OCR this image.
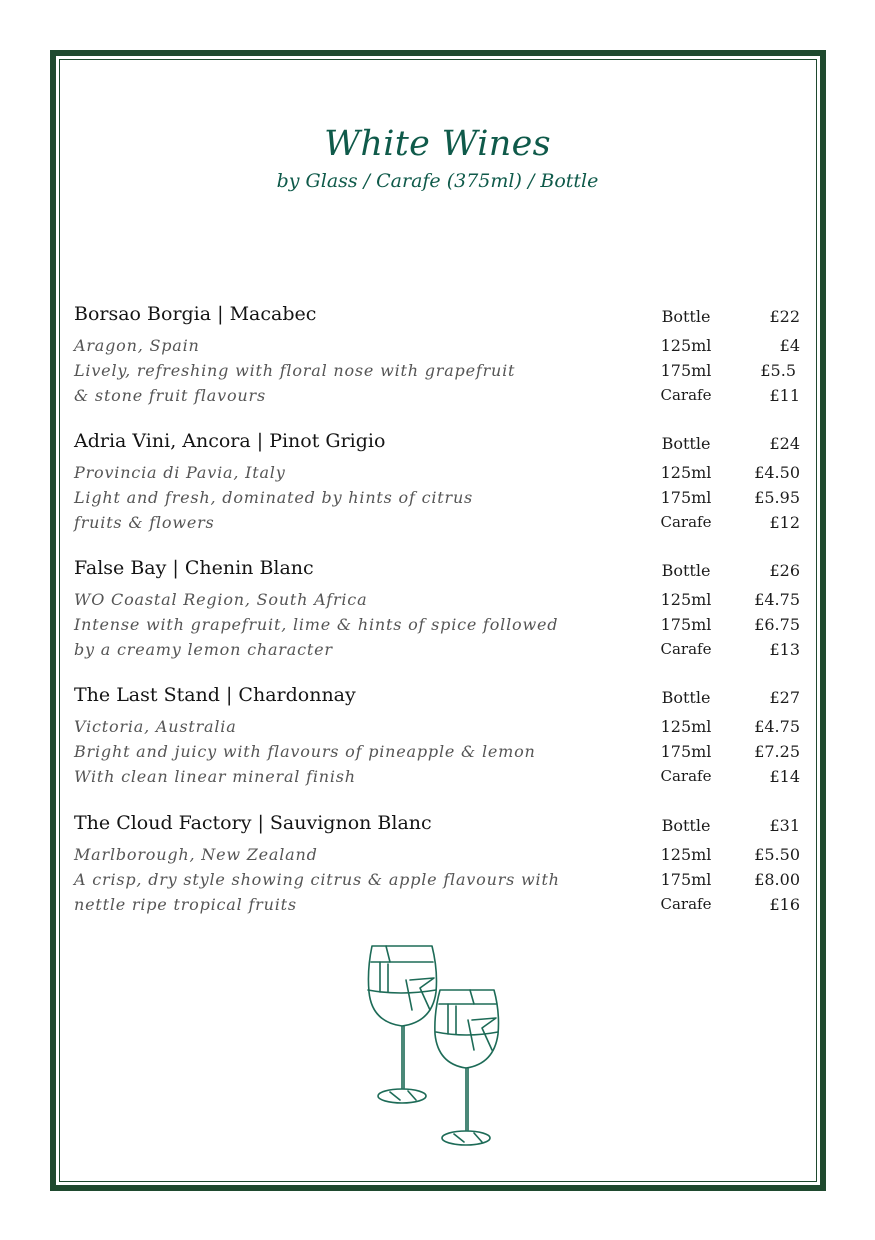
White Wines
by Glass / Carafe (375ml) / Bottle
Borsao Borgia | Macabec
Aragon, Spain
Lively, refreshing with floral nose with grapefruit
& stone fruit flavours
Bottle
125ml
175ml
Carafe
£22
£4
£5.5
£11
Adria Vini, Ancora | Pinot Grigio
Provincia di Pavia, Italy
Light and fresh, dominated by hints of citrus
fruits & flowers
Bottle
125ml
175ml
Carafe
£24
£4.50
£5.95
£12
False Bay | Chenin Blanc
WO Coastal Region, South Africa
Intense with grapefruit, lime & hints of spice followed
by a creamy lemon character
Bottle
125ml
175ml
Carafe
£26
£4.75
£6.75
£13
The Last Stand | Chardonnay
Victoria, Australia
Bright and juicy with flavours of pineapple & lemon
With clean linear mineral finish
Bottle
125ml
175ml
Carafe
£27
£4.75
£7.25
£14
The Cloud Factory | Sauvignon Blanc
Marlborough, New Zealand
A crisp, dry style showing citrus & apple flavours with
nettle ripe tropical fruits
Bottle
125ml
175ml
Carafe
£31
£5.50
£8.00
£16
